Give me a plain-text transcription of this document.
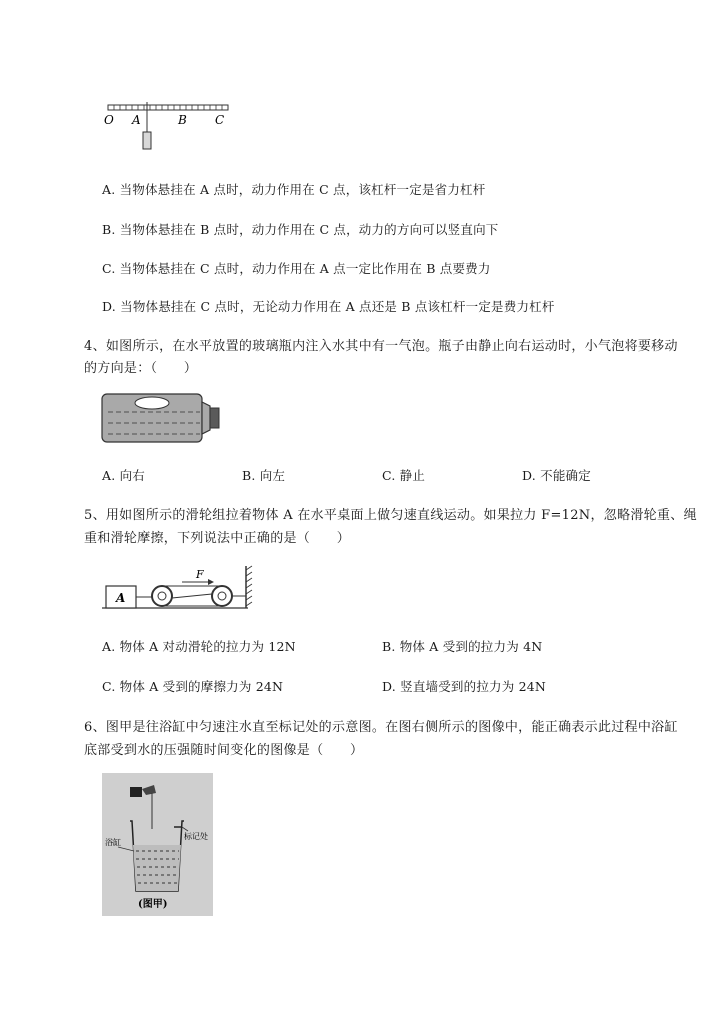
O A	B C
A. 当物体悬挂在 A 点时，动力作用在 C 点，该杠杆一定是省力杠杆
B. 当物体悬挂在 B 点时，动力作用在 C 点，动力的方向可以竖直向下
C. 当物体悬挂在 C 点时，动力作用在 A 点一定比作用在 B 点要费力
D. 当物体悬挂在 C 点时，无论动力作用在 A 点还是 B 点该杠杆一定是费力杠杆
4、如图所示，在水平放置的玻璃瓶内注入水其中有一气泡。瓶子由静止向右运动时，小气泡将要移动
的方向是：（　　）
A. 向右	B. 向左	C. 静止	D. 不能确定
5、用如图所示的滑轮组拉着物体 A 在水平桌面上做匀速直线运动。如果拉力 F=12N，忽略滑轮重、绳
重和滑轮摩擦，下列说法中正确的是（　　）
A
F
A. 物体 A 对动滑轮的拉力为 12N	B. 物体 A 受到的拉力为 4N
C. 物体 A 受到的摩擦力为 24N	D. 竖直墙受到的拉力为 24N
6、图甲是往浴缸中匀速注水直至标记处的示意图。在图右侧所示的图像中，能正确表示此过程中浴缸
底部受到水的压强随时间变化的图像是（　　）
浴缸
标记处
(图甲)
